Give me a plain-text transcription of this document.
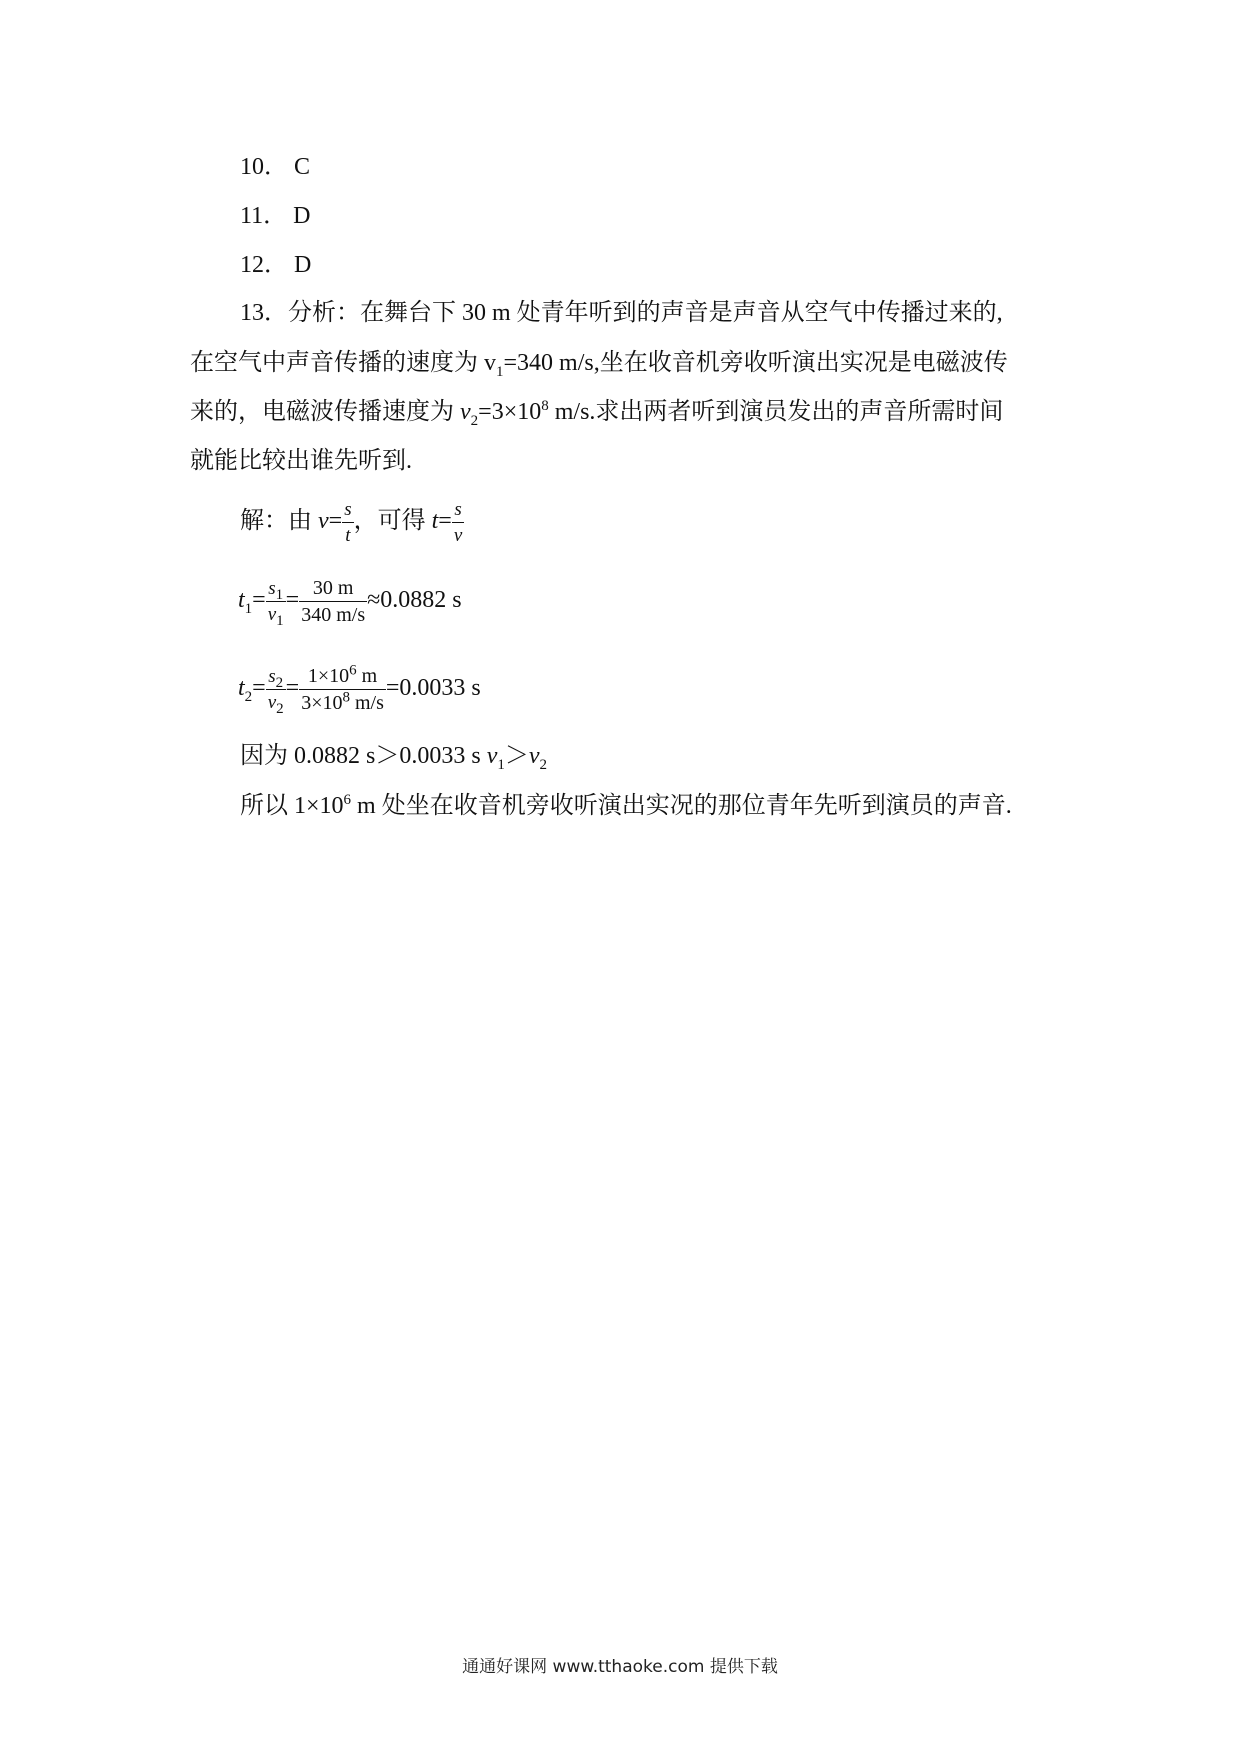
10． C
11． D
12． D
13．分析：在舞台下 30 m 处青年听到的声音是声音从空气中传播过来的,
在空气中声音传播的速度为 $v_1=340$ m/s,坐在收音机旁收听演出实况是电磁波传
来的，电磁波传播速度为 $v_2=3\times 10^8$ m/s.求出两者听到演员发出的声音所需时间
就能比较出谁先听到.
解：由 $v= \frac{s}{t}$ ，可得 $t= \frac{s}{v}$
$t_1= \frac{s_1}{v_1} = \frac{30 m}{340 m/s} \approx 0.0882$ s
$t_2= \frac{s_2}{v_2} = \frac{1\times 10^6 m}{3\times 10^8 m/s} =0.0033$ s
因为 0.0882 s＞0.0033 s $v_1>v_2$
所以 $1\times 10^6$ m 处坐在收音机旁收听演出实况的那位青年先听到演员的声音.
通通好课网 www.tthaoke.com 提供下载
